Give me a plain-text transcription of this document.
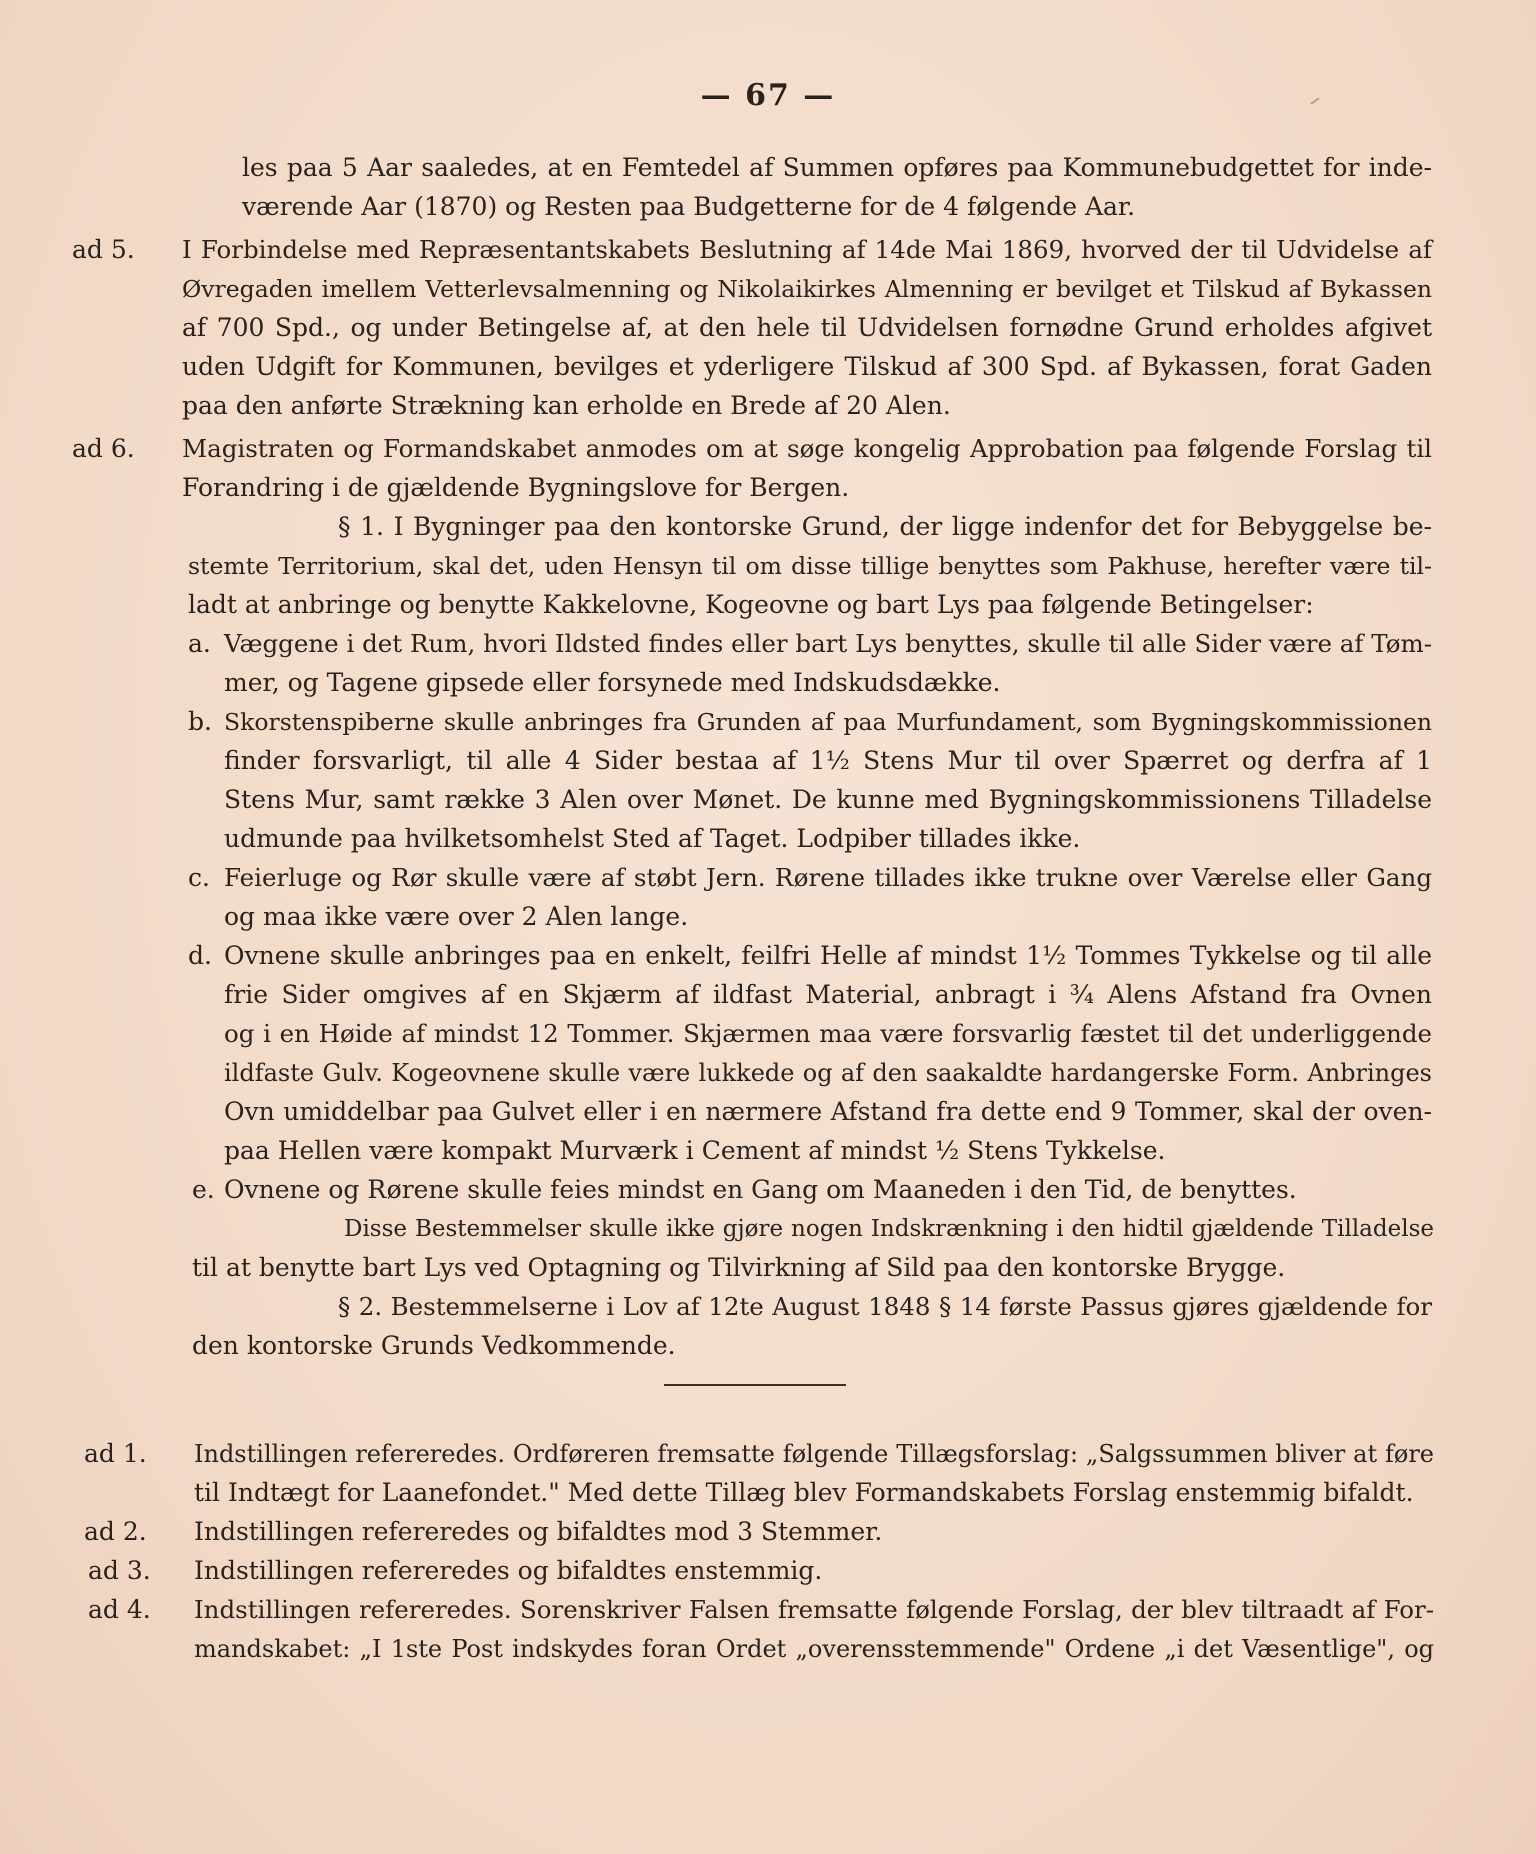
— 67 —
les paa 5 Aar saaledes, at en Femtedel af Summen opføres paa Kommunebudgettet for inde-
værende Aar (1870) og Resten paa Budgetterne for de 4 følgende Aar.
ad 5. I Forbindelse med Repræsentantskabets Beslutning af 14de Mai 1869, hvorved der til Udvidelse af
Øvregaden imellem Vetterlevsalmenning og Nikolaikirkes Almenning er bevilget et Tilskud af Bykassen
af 700 Spd., og under Betingelse af, at den hele til Udvidelsen fornødne Grund erholdes afgivet
uden Udgift for Kommunen, bevilges et yderligere Tilskud af 300 Spd. af Bykassen, forat Gaden
paa den anførte Strækning kan erholde en Brede af 20 Alen.
ad 6. Magistraten og Formandskabet anmodes om at søge kongelig Approbation paa følgende Forslag til
Forandring i de gjældende Bygningslove for Bergen.
§ 1. I Bygninger paa den kontorske Grund, der ligge indenfor det for Bebyggelse be-
stemte Territorium, skal det, uden Hensyn til om disse tillige benyttes som Pakhuse, herefter være til-
ladt at anbringe og benytte Kakkelovne, Kogeovne og bart Lys paa følgende Betingelser:
a. Væggene i det Rum, hvori Ildsted findes eller bart Lys benyttes, skulle til alle Sider være af Tøm-
mer, og Tagene gipsede eller forsynede med Indskudsdække.
b. Skorstenspiberne skulle anbringes fra Grunden af paa Murfundament, som Bygningskommissionen
finder forsvarligt, til alle 4 Sider bestaa af 1½ Stens Mur til over Spærret og derfra af 1
Stens Mur, samt række 3 Alen over Mønet. De kunne med Bygningskommissionens Tilladelse
udmunde paa hvilketsomhelst Sted af Taget. Lodpiber tillades ikke.
c. Feierluge og Rør skulle være af støbt Jern. Rørene tillades ikke trukne over Værelse eller Gang
og maa ikke være over 2 Alen lange.
d. Ovnene skulle anbringes paa en enkelt, feilfri Helle af mindst 1½ Tommes Tykkelse og til alle
frie Sider omgives af en Skjærm af ildfast Material, anbragt i ¾ Alens Afstand fra Ovnen
og i en Høide af mindst 12 Tommer. Skjærmen maa være forsvarlig fæstet til det underliggende
ildfaste Gulv. Kogeovnene skulle være lukkede og af den saakaldte hardangerske Form. Anbringes
Ovn umiddelbar paa Gulvet eller i en nærmere Afstand fra dette end 9 Tommer, skal der oven-
paa Hellen være kompakt Murværk i Cement af mindst ½ Stens Tykkelse.
e. Ovnene og Rørene skulle feies mindst en Gang om Maaneden i den Tid, de benyttes.
Disse Bestemmelser skulle ikke gjøre nogen Indskrænkning i den hidtil gjældende Tilladelse
til at benytte bart Lys ved Optagning og Tilvirkning af Sild paa den kontorske Brygge.
§ 2. Bestemmelserne i Lov af 12te August 1848 § 14 første Passus gjøres gjældende for
den kontorske Grunds Vedkommende.
ad 1. Indstillingen refereredes. Ordføreren fremsatte følgende Tillægsforslag: „Salgssummen bliver at føre
til Indtægt for Laanefondet." Med dette Tillæg blev Formandskabets Forslag enstemmig bifaldt.
ad 2. Indstillingen refereredes og bifaldtes mod 3 Stemmer.
ad 3. Indstillingen refereredes og bifaldtes enstemmig.
ad 4. Indstillingen refereredes. Sorenskriver Falsen fremsatte følgende Forslag, der blev tiltraadt af For-
mandskabet: „I 1ste Post indskydes foran Ordet „overensstemmende" Ordene „i det Væsentlige", og
